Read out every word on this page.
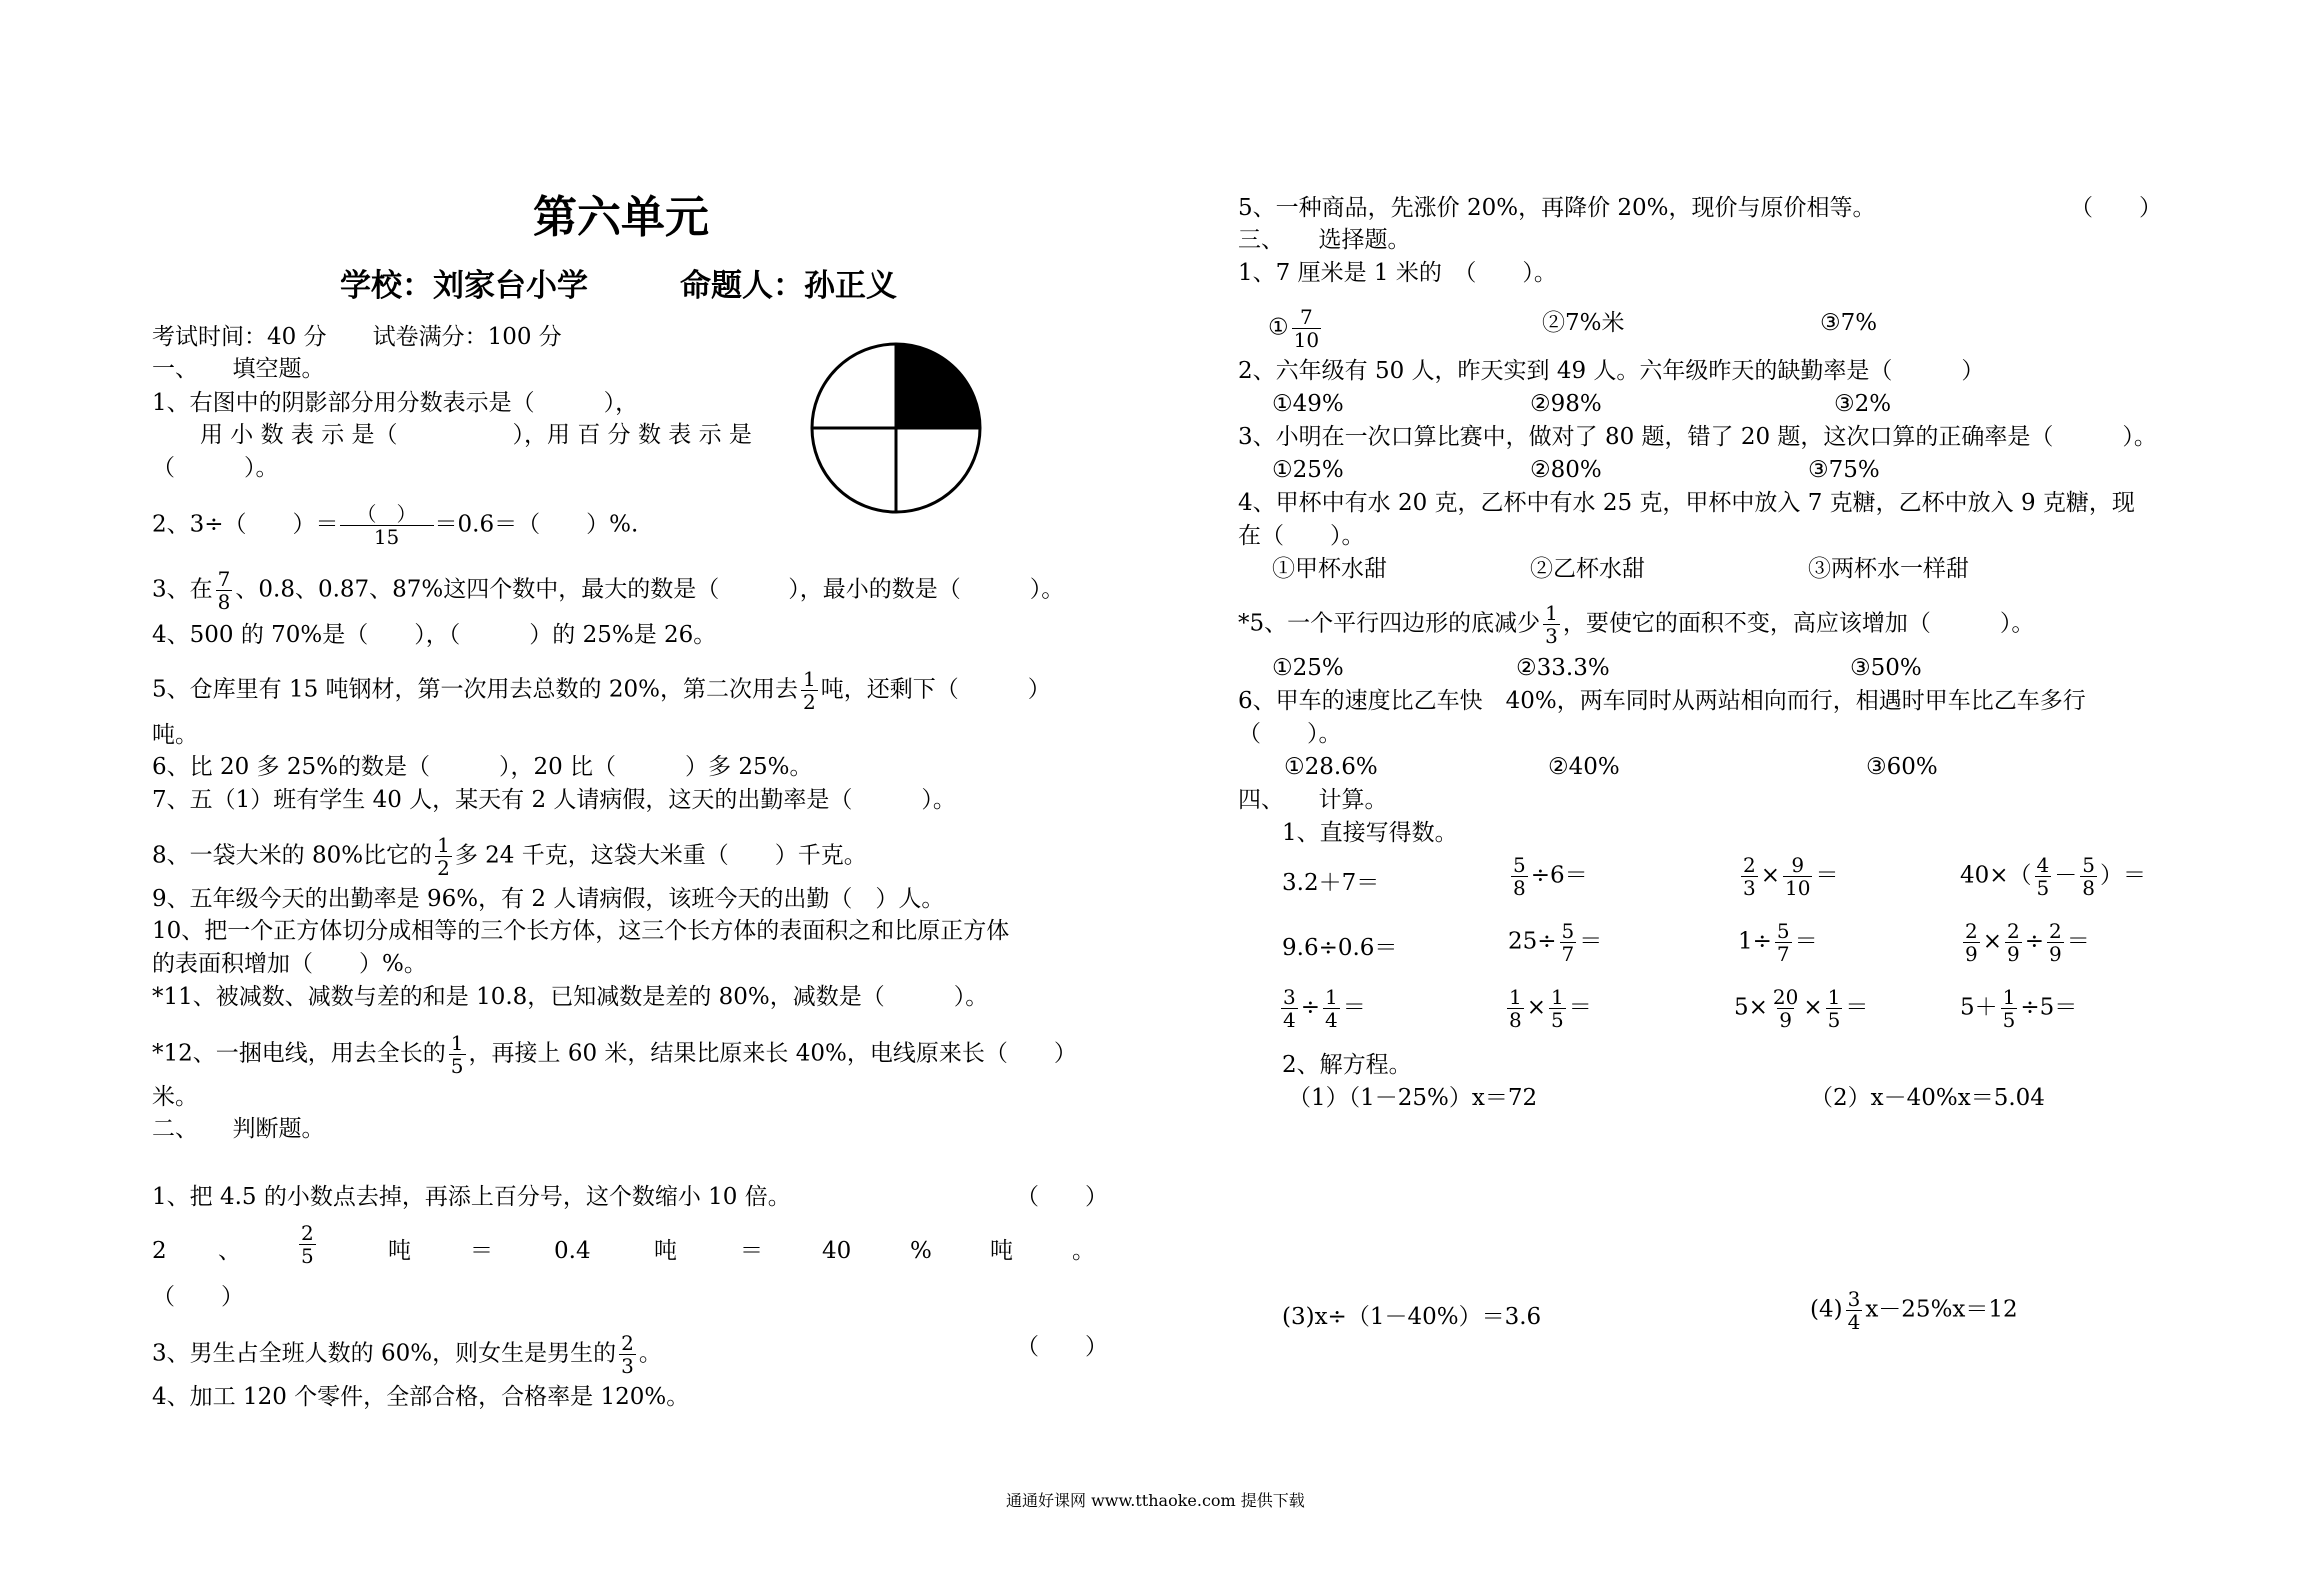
第六单元
学校：刘家台小学	命题人：孙正义
考试时间：40 分　　试卷满分：100 分
一、　　填空题。
1、右图中的阴影部分用分数表示是（　　　），
用 小 数 表 示 是（　　　　　），用 百 分 数 表 示 是
（　　　）。
2、3÷（　　）＝ $\frac{( )}{15} =0.6=$（　　）%.
3、在 $\frac{7}{8}$ 、0.8、0.87、87%这四个数中，最大的数是（　　　），最小的数是（　　　）。
4、500 的 70%是（　　），（　　　）的 25%是 26。
5、仓库里有 15 吨钢材，第一次用去总数的 20%，第二次用去 $\frac{1}{2}$ 吨，还剩下（　　　）
吨。
6、比 20 多 25%的数是（　　　），20 比（　　　）多 25%。
7、五（1）班有学生 40 人，某天有 2 人请病假，这天的出勤率是（　　　）。
8、一袋大米的 80%比它的 $\frac{1}{2}$ 多 24 千克，这袋大米重（　　）千克。
9、五年级今天的出勤率是 96%，有 2 人请病假，该班今天的出勤（　）人。
10、把一个正方体切分成相等的三个长方体，这三个长方体的表面积之和比原正方体
的表面积增加（　　）%。
*11、被减数、减数与差的和是 10.8，已知减数是差的 80%，减数是（　　　）。
*12、一捆电线，用去全长的 $\frac{1}{5}$ ，再接上 60 米，结果比原来长 40%，电线原来长（　　）
米。
二、　　判断题。
1、把 4.5 的小数点去掉，再添上百分号，这个数缩小 10 倍。	（　　）
2 、	$\frac{2}{5}$	吨	＝	0.4	吨	＝	40	%	吨	。
（　　）
3、男生占全班人数的 60%，则女生是男生的 $\frac{2}{3}$ 。	（　　）
4、加工 120 个零件，全部合格，合格率是 120%。
5、一种商品，先涨价 20%，再降价 20%，现价与原价相等。	（　　）
三、　　选择题。
1、7 厘米是 1 米的　（　　）。
① $\frac{7}{10}$	②7%米	③7%
2、六年级有 50 人，昨天实到 49 人。六年级昨天的缺勤率是（　　　）
①49%	②98%	③2%
3、小明在一次口算比赛中，做对了 80 题，错了 20 题，这次口算的正确率是（　　　）。
①25%	②80%	③75%
4、甲杯中有水 20 克，乙杯中有水 25 克，甲杯中放入 7 克糖，乙杯中放入 9 克糖，现
在（　　）。
①甲杯水甜	②乙杯水甜	③两杯水一样甜
*5、一个平行四边形的底减少 $\frac{1}{3}$ ，要使它的面积不变，高应该增加（　　　）。
①25%	②33.3%	③50%
6、甲车的速度比乙车快　40%，两车同时从两站相向而行，相遇时甲车比乙车多行
（　　）。
①28.6%	②40%	③60%
四、　　计算。
1、直接写得数。
3.2＋7＝	$\frac{5}{8} \div 6=$	$\frac{2}{3} \times \frac{9}{10}$ ＝	$40\times( \frac{4}{5} - \frac{5}{8}$ ）＝
9.6÷0.6＝	$25\div \frac{5}{7}$ ＝	$1\div \frac{5}{7}$ ＝	$\frac{2}{9} \times \frac{2}{9} \div \frac{2}{9}$ ＝
$\frac{3}{4} \div \frac{1}{4}$ ＝	$\frac{1}{8} \times \frac{1}{5}$ ＝	$5\times \frac{20}{9} \times \frac{1}{5}$ ＝	$5+ \frac{1}{5} \div 5=$
2、解方程。
（1）（1－25%）x＝72	（2）x－40%x＝5.04
(3)x÷（1－40%）＝3.6	$(4) \frac{3}{4} x-25\%x=12$
通通好课网 www.tthaoke.com 提供下载
